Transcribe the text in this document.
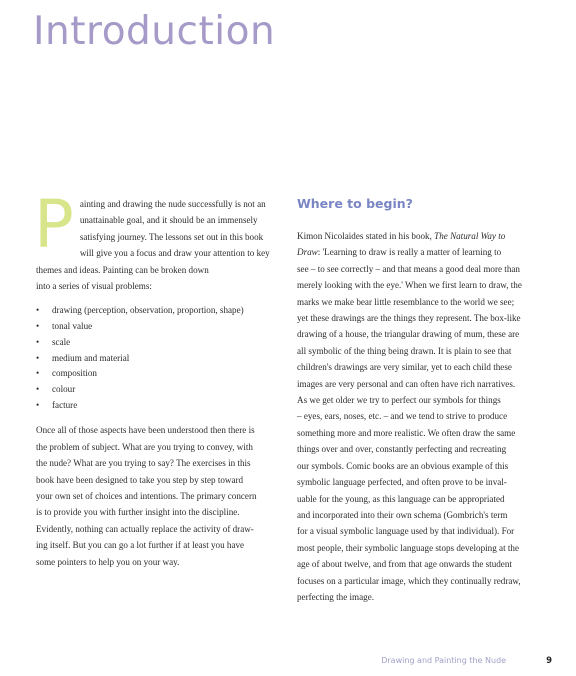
Introduction

P ainting and drawing the nude successfully is not an
unattainable goal, and it should be an immensely
satisfying journey. The lessons set out in this book
will give you a focus and draw your attention to key
themes and ideas. Painting can be broken down
into a series of visual problems:

• drawing (perception, observation, proportion, shape)
• tonal value
• scale
• medium and material
• composition
• colour
• facture

Once all of those aspects have been understood then there is
the problem of subject. What are you trying to convey, with
the nude? What are you trying to say? The exercises in this
book have been designed to take you step by step toward
your own set of choices and intentions. The primary concern
is to provide you with further insight into the discipline.
Evidently, nothing can actually replace the activity of draw-
ing itself. But you can go a lot further if at least you have
some pointers to help you on your way.

Where to begin?

Kimon Nicolaides stated in his book, The Natural Way to
Draw: 'Learning to draw is really a matter of learning to
see – to see correctly – and that means a good deal more than
merely looking with the eye.' When we first learn to draw, the
marks we make bear little resemblance to the world we see;
yet these drawings are the things they represent. The box-like
drawing of a house, the triangular drawing of mum, these are
all symbolic of the thing being drawn. It is plain to see that
children's drawings are very similar, yet to each child these
images are very personal and can often have rich narratives.
As we get older we try to perfect our symbols for things
– eyes, ears, noses, etc. – and we tend to strive to produce
something more and more realistic. We often draw the same
things over and over, constantly perfecting and recreating
our symbols. Comic books are an obvious example of this
symbolic language perfected, and often prove to be inval-
uable for the young, as this language can be appropriated
and incorporated into their own schema (Gombrich's term
for a visual symbolic language used by that individual). For
most people, their symbolic language stops developing at the
age of about twelve, and from that age onwards the student
focuses on a particular image, which they continually redraw,
perfecting the image.

Drawing and Painting the Nude	9
